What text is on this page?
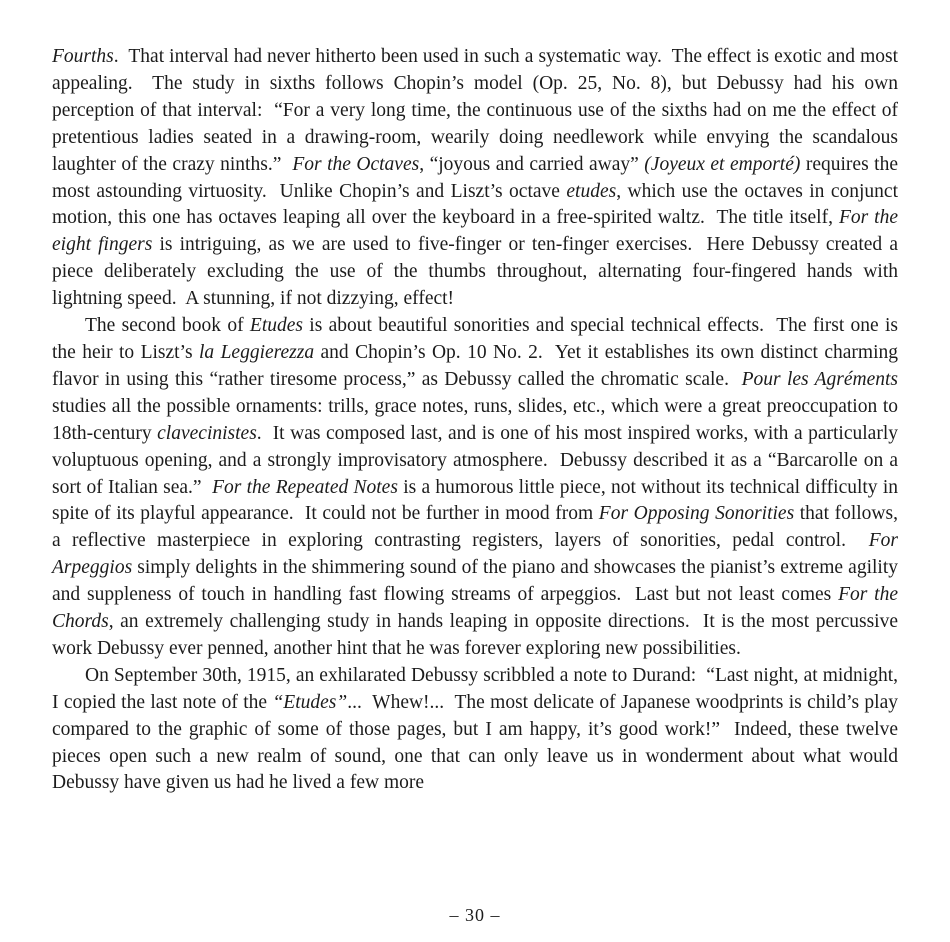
Fourths.  That interval had never hitherto been used in such a systematic way.  The effect is exotic and most appealing.  The study in sixths follows Chopin’s model (Op. 25, No. 8), but Debussy had his own perception of that interval:  “For a very long time, the continuous use of the sixths had on me the effect of pretentious ladies seated in a drawing-room, wearily doing needlework while envying the scandalous laughter of the crazy ninths.”  For the Octaves, “joyous and carried away” (Joyeux et emporté) requires the most astounding virtuosity.  Unlike Chopin’s and Liszt’s octave etudes, which use the octaves in conjunct motion, this one has octaves leaping all over the keyboard in a free-spirited waltz.  The title itself, For the eight fingers is intriguing, as we are used to five-finger or ten-finger exercises.  Here Debussy created a piece deliberately excluding the use of the thumbs throughout, alternating four-fingered hands with lightning speed.  A stunning, if not dizzying, effect!

The second book of Etudes is about beautiful sonorities and special technical effects.  The first one is the heir to Liszt’s la Leggierezza and Chopin’s Op. 10 No. 2.  Yet it establishes its own distinct charming flavor in using this “rather tiresome process,” as Debussy called the chromatic scale.  Pour les Agréments studies all the possible ornaments: trills, grace notes, runs, slides, etc., which were a great preoccupation to 18th-century clavecinistes.  It was composed last, and is one of his most inspired works, with a particularly voluptuous opening, and a strongly improvisatory atmosphere.  Debussy described it as a “Barcarolle on a sort of Italian sea.”  For the Repeated Notes is a humorous little piece, not without its technical difficulty in spite of its playful appearance.  It could not be further in mood from For Opposing Sonorities that follows, a reflective masterpiece in exploring contrasting registers, layers of sonorities, pedal control.  For Arpeggios simply delights in the shimmering sound of the piano and showcases the pianist’s extreme agility and suppleness of touch in handling fast flowing streams of arpeggios.  Last but not least comes For the Chords, an extremely challenging study in hands leaping in opposite directions.  It is the most percussive work Debussy ever penned, another hint that he was forever exploring new possibilities.

On September 30th, 1915, an exhilarated Debussy scribbled a note to Durand:  “Last night, at midnight, I copied the last note of the “Etudes”...  Whew!...  The most delicate of Japanese woodprints is child’s play compared to the graphic of some of those pages, but I am happy, it’s good work!”  Indeed, these twelve pieces open such a new realm of sound, one that can only leave us in wonderment about what would Debussy have given us had he lived a few more

– 30 –
